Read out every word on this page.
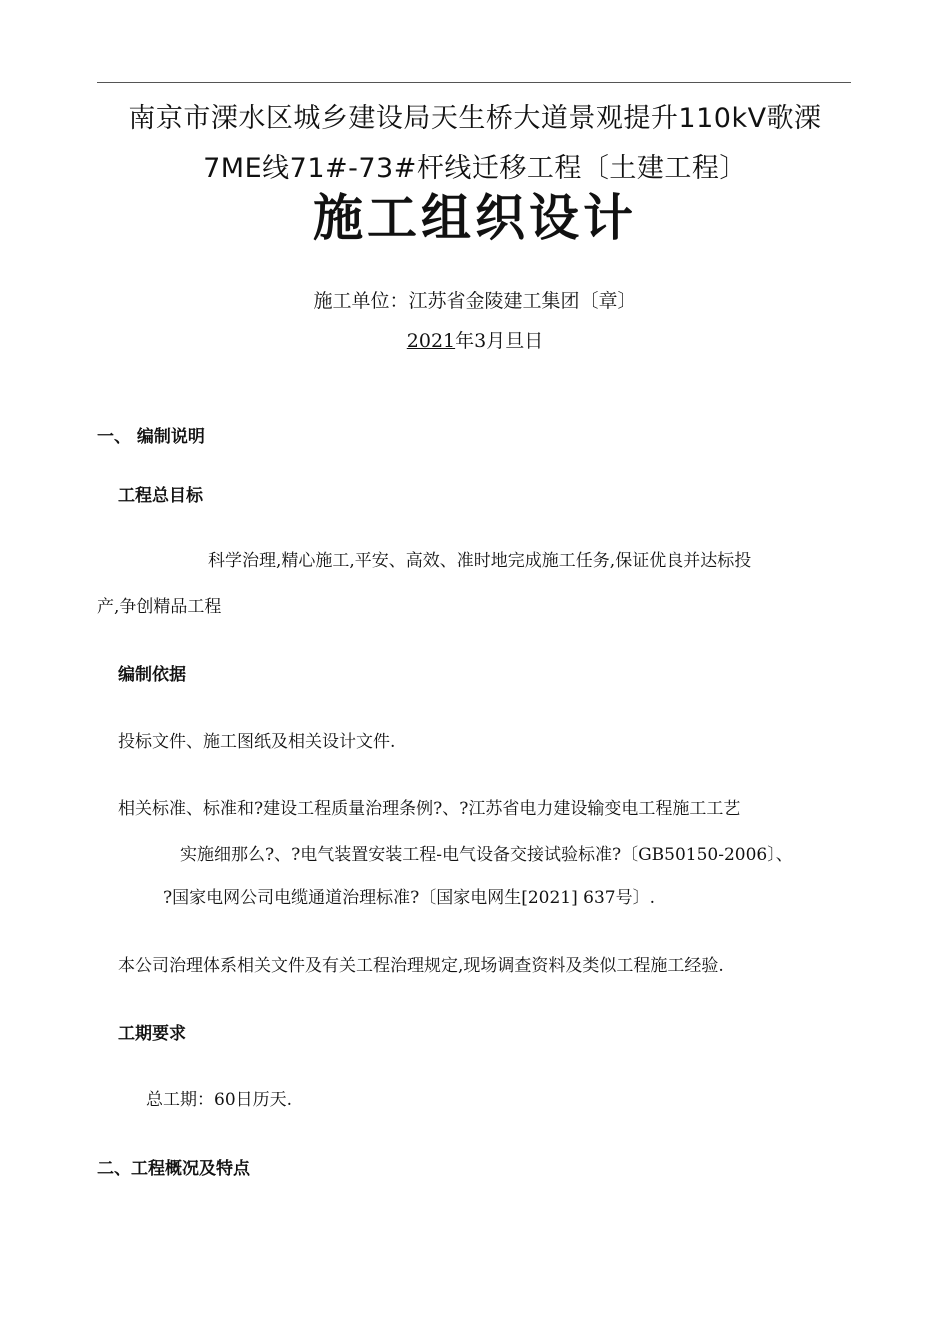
南京市溧水区城乡建设局天生桥大道景观提升110kV歌溧
7ME线71#-73#杆线迁移工程〔土建工程〕
施工组织设计
施工单位：江苏省金陵建工集团〔章〕
2021年3月旦日
一、 编制说明
工程总目标
科学治理,精心施工,平安、高效、准时地完成施工任务,保证优良并达标投
产,争创精品工程
编制依据
投标文件、施工图纸及相关设计文件.
相关标准、标准和?建设工程质量治理条例?、?江苏省电力建设输变电工程施工工艺
实施细那么?、?电气装置安装工程-电气设备交接试验标准?〔GB50150-2006〕、
?国家电网公司电缆通道治理标准?〔国家电网生[2021] 637号〕.
本公司治理体系相关文件及有关工程治理规定,现场调查资料及类似工程施工经验.
工期要求
总工期：60日历天.
二、工程概况及特点
